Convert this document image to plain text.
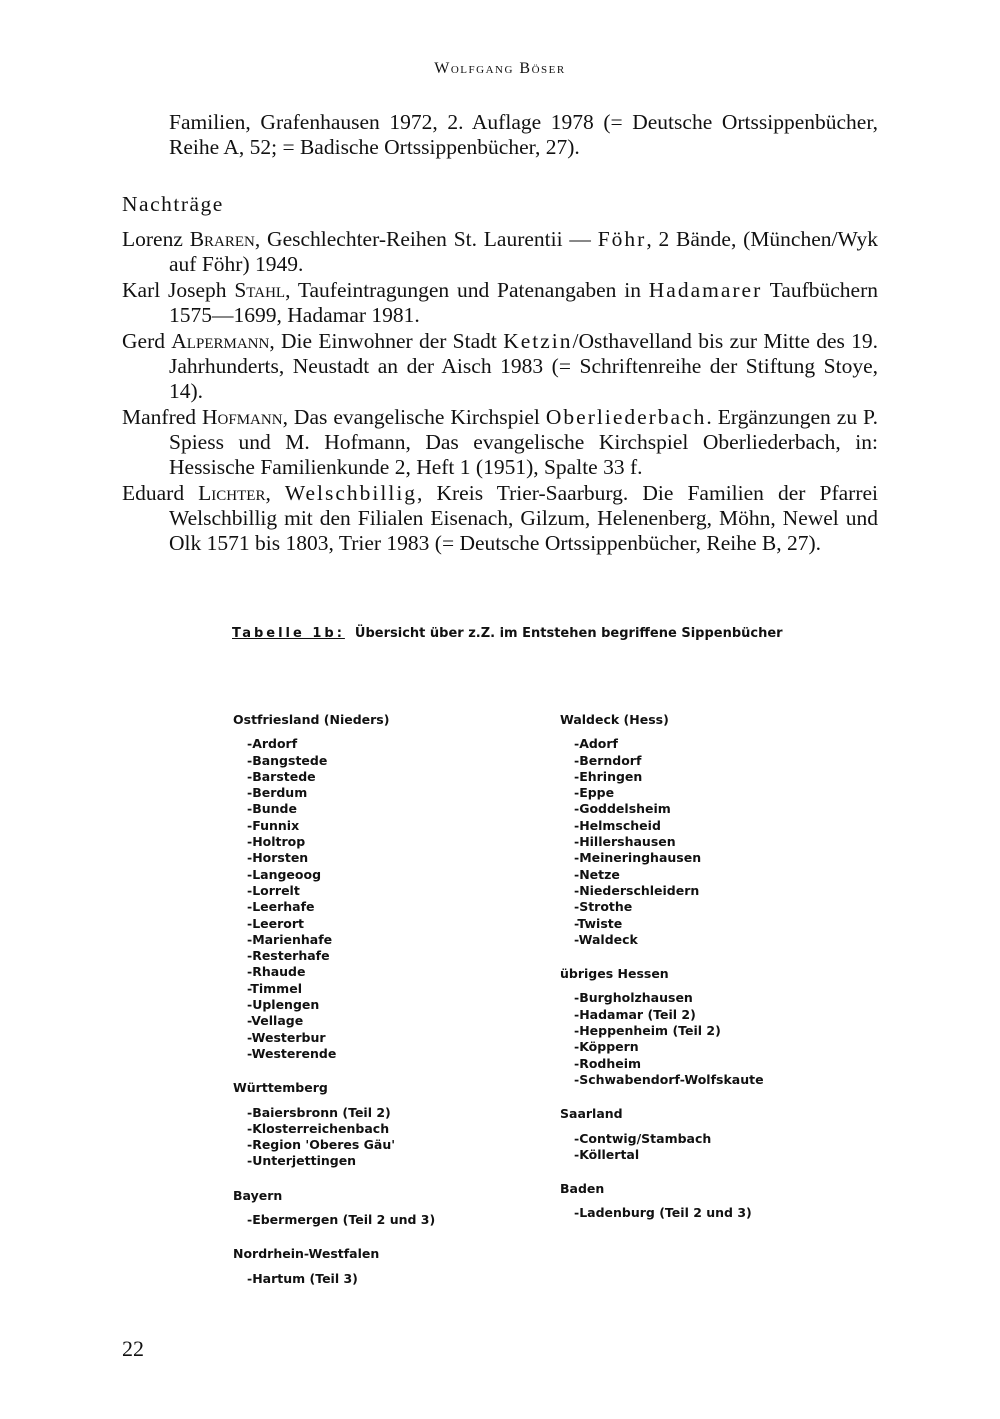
Wolfgang Böser

Familien, Grafenhausen 1972, 2. Auflage 1978 (= Deutsche Ortssippenbücher, Reihe A, 52; = Badische Ortssippenbücher, 27).

Nachträge

Lorenz Braren, Geschlechter-Reihen St. Laurentii — Föhr, 2 Bände, (München/Wyk auf Föhr) 1949.

Karl Joseph Stahl, Taufeintragungen und Patenangaben in Hadamarer Taufbüchern 1575—1699, Hadamar 1981.

Gerd Alpermann, Die Einwohner der Stadt Ketzin/Osthavelland bis zur Mitte des 19. Jahrhunderts, Neustadt an der Aisch 1983 (= Schriftenreihe der Stiftung Stoye, 14).

Manfred Hofmann, Das evangelische Kirchspiel Oberliederbach. Ergänzungen zu P. Spiess und M. Hofmann, Das evangelische Kirchspiel Oberliederbach, in: Hessische Familienkunde 2, Heft 1 (1951), Spalte 33 f.

Eduard Lichter, Welschbillig, Kreis Trier-Saarburg. Die Familien der Pfarrei Welschbillig mit den Filialen Eisenach, Gilzum, Helenenberg, Möhn, Newel und Olk 1571 bis 1803, Trier 1983 (= Deutsche Ortssippenbücher, Reihe B, 27).

Tabelle 1b: Übersicht über z.Z. im Entstehen begriffene Sippenbücher
Ostfriesland (Nieders)
-Ardorf
-Bangstede
-Barstede
-Berdum
-Bunde
-Funnix
-Holtrop
-Horsten
-Langeoog
-Lorrelt
-Leerhafe
-Leerort
-Marienhafe
-Resterhafe
-Rhaude
-Timmel
-Uplengen
-Vellage
-Westerbur
-Westerende
Württemberg
-Baiersbronn (Teil 2)
-Klosterreichenbach
-Region 'Oberes Gäu'
-Unterjettingen
Bayern
-Ebermergen (Teil 2 und 3)
Nordrhein-Westfalen
-Hartum (Teil 3)
Waldeck (Hess)
-Adorf
-Berndorf
-Ehringen
-Eppe
-Goddelsheim
-Helmscheid
-Hillershausen
-Meineringhausen
-Netze
-Niederschleidern
-Strothe
-Twiste
-Waldeck
übriges Hessen
-Burgholzhausen
-Hadamar (Teil 2)
-Heppenheim (Teil 2)
-Köppern
-Rodheim
-Schwabendorf-Wolfskaute
Saarland
-Contwig/Stambach
-Köllertal
Baden
-Ladenburg (Teil 2 und 3)
22
